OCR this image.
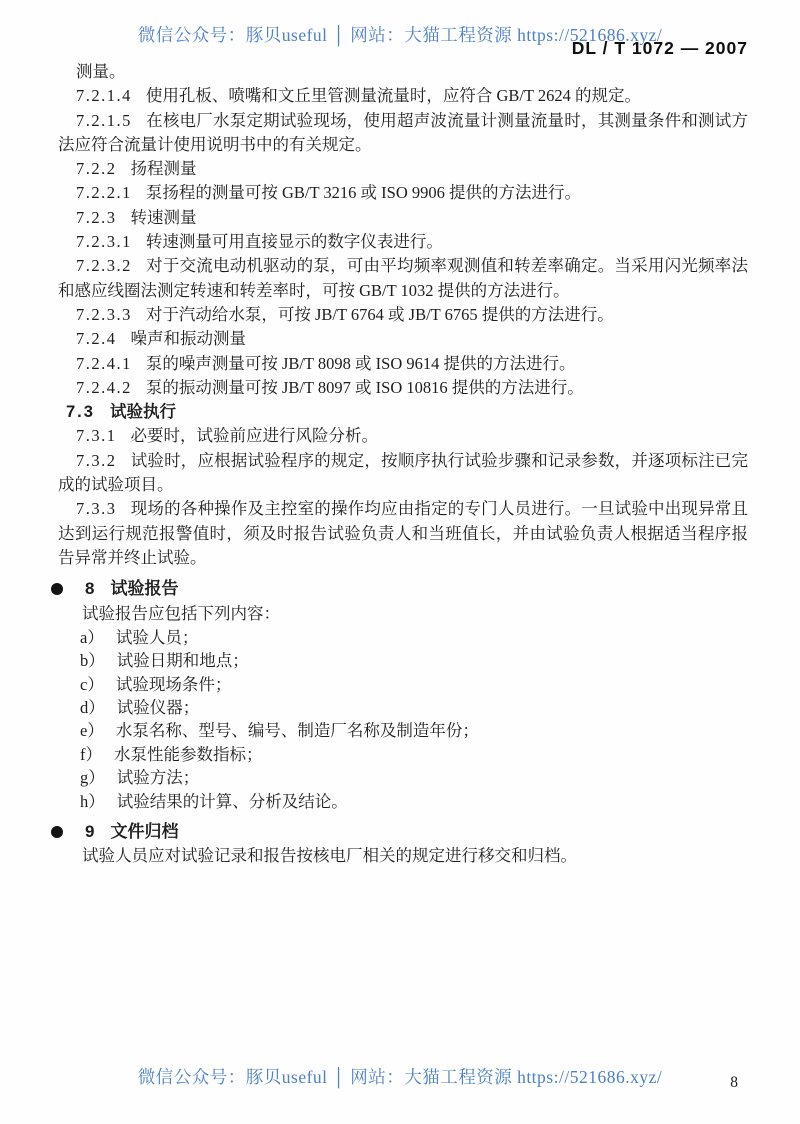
微信公众号：豚贝useful │ 网站：大猫工程资源 https://521686.xyz/
DL / T 1072 — 2007

测量。

7.2.1.4 使用孔板、喷嘴和文丘里管测量流量时，应符合 GB/T 2624 的规定。

7.2.1.5 在核电厂水泵定期试验现场，使用超声波流量计测量流量时，其测量条件和测试方法应符合流量计使用说明书中的有关规定。

7.2.2 扬程测量

7.2.2.1 泵扬程的测量可按 GB/T 3216 或 ISO 9906 提供的方法进行。

7.2.3 转速测量

7.2.3.1 转速测量可用直接显示的数字仪表进行。

7.2.3.2 对于交流电动机驱动的泵，可由平均频率观测值和转差率确定。当采用闪光频率法和感应线圈法测定转速和转差率时，可按 GB/T 1032 提供的方法进行。

7.2.3.3 对于汽动给水泵，可按 JB/T 6764 或 JB/T 6765 提供的方法进行。

7.2.4 噪声和振动测量

7.2.4.1 泵的噪声测量可按 JB/T 8098 或 ISO 9614 提供的方法进行。

7.2.4.2 泵的振动测量可按 JB/T 8097 或 ISO 10816 提供的方法进行。

7.3 试验执行

7.3.1 必要时，试验前应进行风险分析。

7.3.2 试验时，应根据试验程序的规定，按顺序执行试验步骤和记录参数，并逐项标注已完成的试验项目。

7.3.3 现场的各种操作及主控室的操作均应由指定的专门人员进行。一旦试验中出现异常且达到运行规范报警值时，须及时报告试验负责人和当班值长，并由试验负责人根据适当程序报告异常并终止试验。

8 试验报告

试验报告应包括下列内容：

a） 试验人员；

b） 试验日期和地点；

c） 试验现场条件；

d） 试验仪器；

e） 水泵名称、型号、编号、制造厂名称及制造年份；

f） 水泵性能参数指标；

g） 试验方法；

h） 试验结果的计算、分析及结论。

9 文件归档

试验人员应对试验记录和报告按核电厂相关的规定进行移交和归档。

微信公众号：豚贝useful │ 网站：大猫工程资源 https://521686.xyz/	8
